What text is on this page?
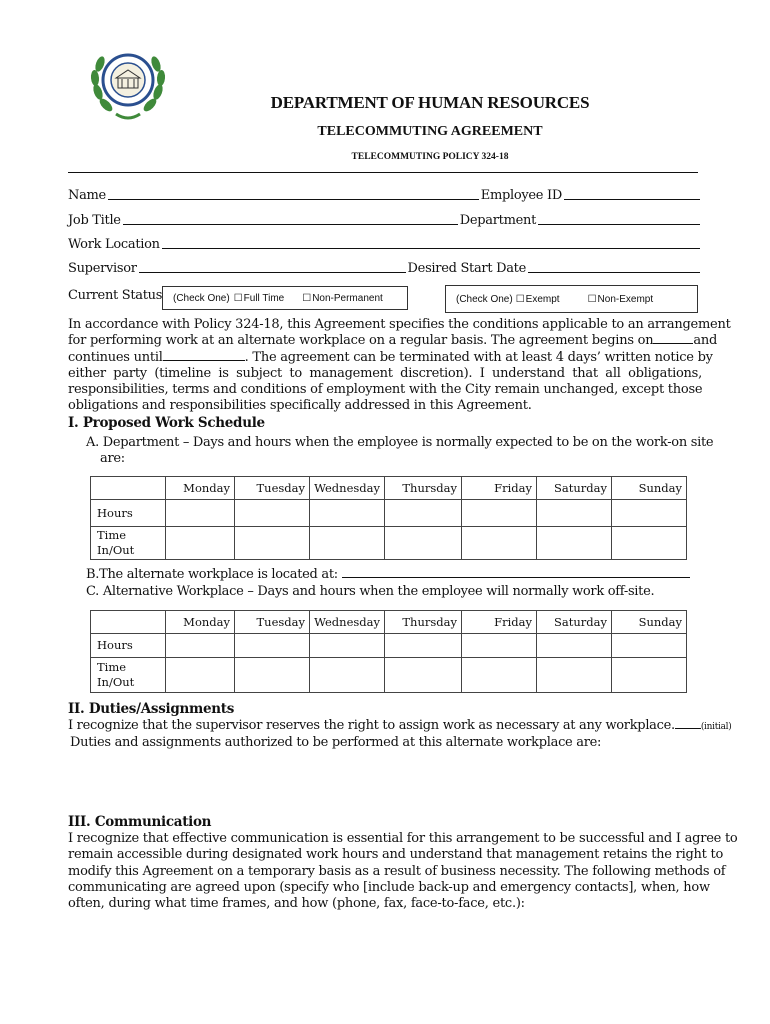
DEPARTMENT OF HUMAN RESOURCES
TELECOMMUTING AGREEMENT
TELECOMMUTING POLICY 324-18
Name	Employee ID
Job Title	Department
Work Location
Supervisor	Desired Start Date
Current Status (Check One) ☐ Full Time ☐ Non-Permanent	(Check One) ☐ Exempt	☐ Non-Exempt
In accordance with Policy 324-18, this Agreement specifies the conditions applicable to an arrangement
for performing work at an alternate workplace on a regular basis. The agreement begins on	and
continues until	. The agreement can be terminated with at least 4 days’ written notice by
either party (timeline is subject to management discretion). I understand that all obligations,
responsibilities, terms and conditions of employment with the City remain unchanged, except those
obligations and responsibilities specifically addressed in this Agreement.
I. Proposed Work Schedule
A. Department – Days and hours when the employee is normally expected to be on the work-on site
are:
	Monday	Tuesday	Wednesday	Thursday	Friday	Saturday	Sunday
Hours							
Time In/Out							
B.The alternate workplace is located at:
C. Alternative Workplace – Days and hours when the employee will normally work off-site.
	Monday	Tuesday	Wednesday	Thursday	Friday	Saturday	Sunday
Hours							
Time In/Out							
II. Duties/Assignments
I recognize that the supervisor reserves the right to assign work as necessary at any workplace.	(initial)
Duties and assignments authorized to be performed at this alternate workplace are:
III. Communication
I recognize that effective communication is essential for this arrangement to be successful and I agree to
remain accessible during designated work hours and understand that management retains the right to
modify this Agreement on a temporary basis as a result of business necessity. The following methods of
communicating are agreed upon (specify who [include back-up and emergency contacts], when, how
often, during what time frames, and how (phone, fax, face-to-face, etc.):
